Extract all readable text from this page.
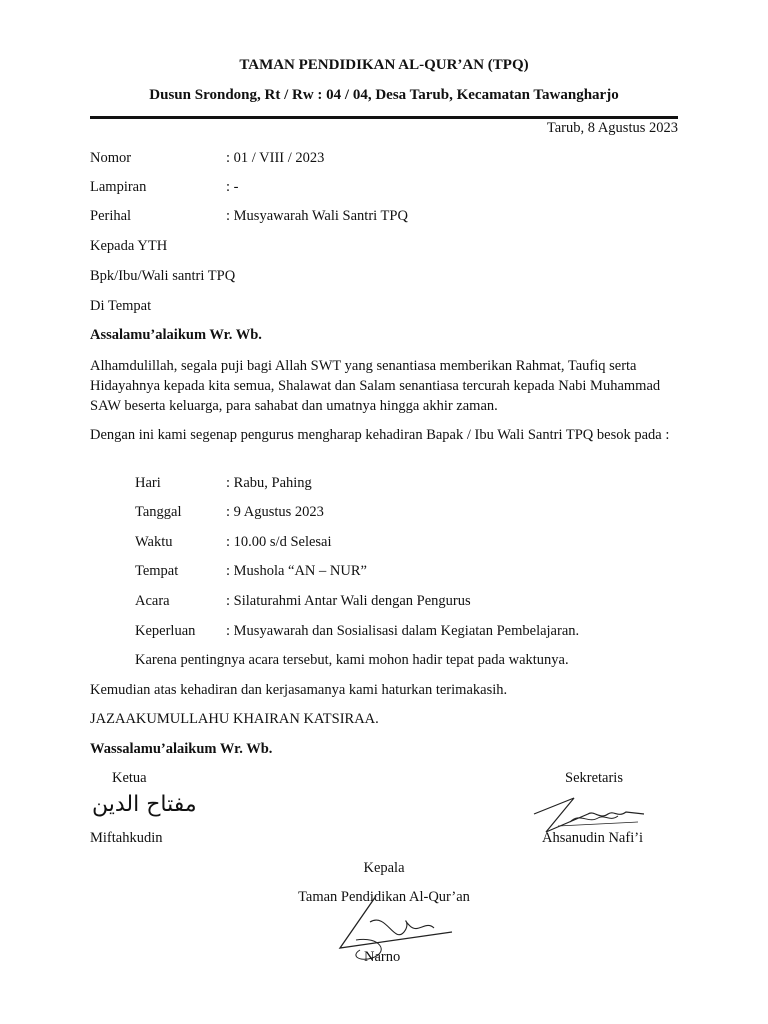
TAMAN PENDIDIKAN AL-QUR’AN (TPQ)
Dusun Srondong, Rt / Rw : 04 / 04, Desa Tarub, Kecamatan Tawangharjo
Tarub, 8 Agustus 2023
Nomor	: 01 / VIII / 2023
Lampiran	: -
Perihal	: Musyawarah Wali Santri TPQ
Kepada YTH
Bpk/Ibu/Wali santri TPQ
Di Tempat
Assalamu’alaikum Wr. Wb.
Alhamdulillah, segala puji bagi Allah SWT yang senantiasa memberikan Rahmat, Taufiq serta Hidayahnya kepada kita semua, Shalawat dan Salam senantiasa tercurah kepada Nabi Muhammad SAW beserta keluarga, para sahabat dan umatnya hingga akhir zaman.
Dengan ini kami segenap pengurus mengharap kehadiran Bapak / Ibu Wali Santri TPQ besok pada :
Hari	: Rabu, Pahing
Tanggal	: 9 Agustus 2023
Waktu	: 10.00 s/d Selesai
Tempat	: Mushola “AN – NUR”
Acara	: Silaturahmi Antar Wali dengan Pengurus
Keperluan : Musyawarah dan Sosialisasi dalam Kegiatan Pembelajaran.
Karena pentingnya acara tersebut, kami mohon hadir tepat pada waktunya.
Kemudian atas kehadiran dan kerjasamanya kami haturkan terimakasih.
JAZAAKUMULLAHU KHAIRAN KATSIRAA.
Wassalamu’alaikum Wr. Wb.
Ketua
مفتاح الدين
Miftahkudin
Sekretaris
Ahsanudin Nafi’i
Kepala
Taman Pendidikan Al-Qur’an
Narno
